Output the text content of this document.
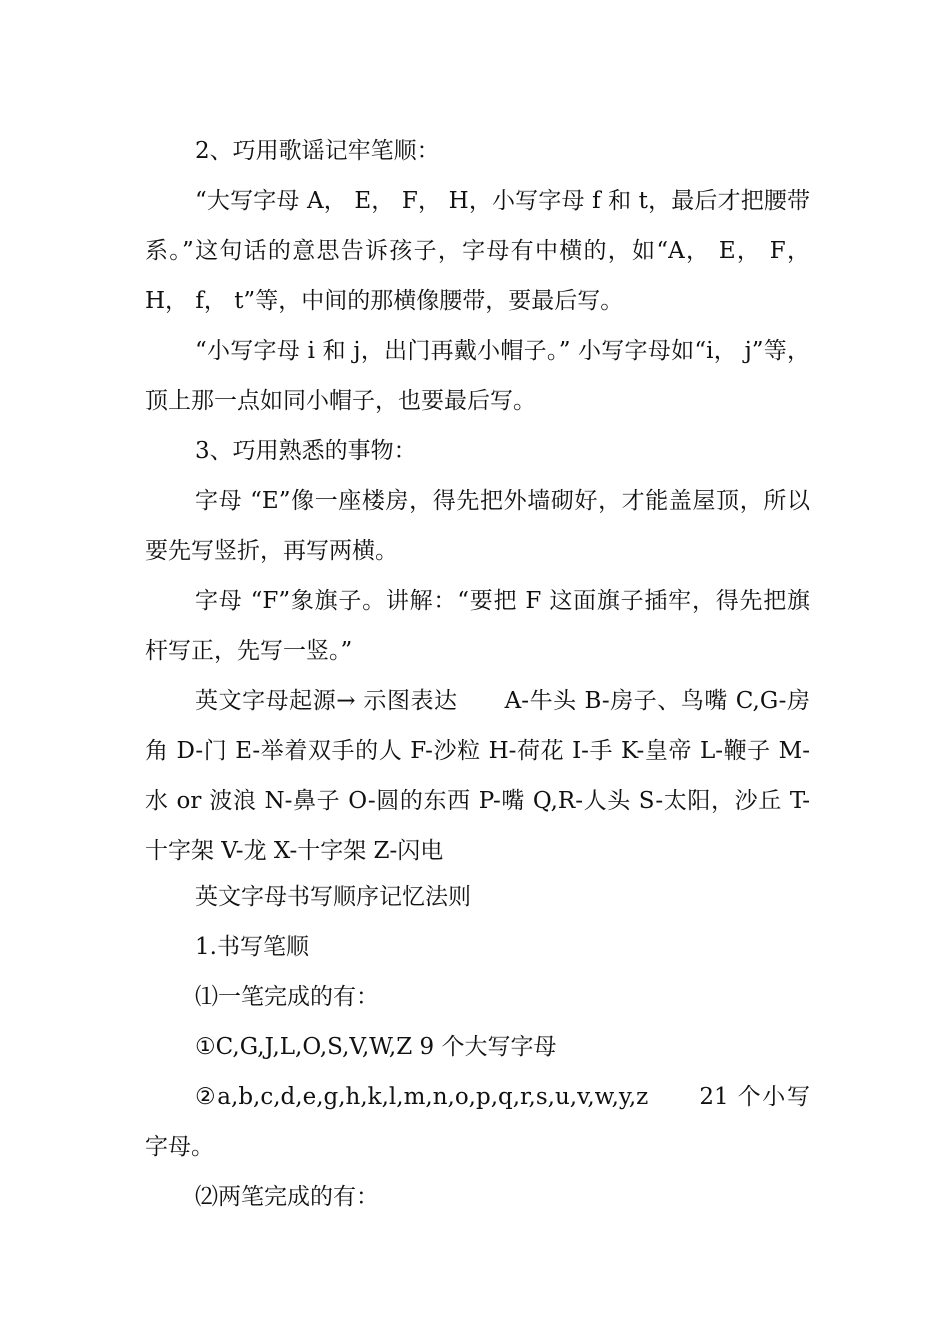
2、巧用歌谣记牢笔顺：

“大写字母 A， E， F， H，小写字母 f 和 t，最后才把腰带系。”这句话的意思告诉孩子，字母有中横的，如“A， E， F， H， f， t”等，中间的那横像腰带，要最后写。

“小写字母 i 和 j，出门再戴小帽子。” 小写字母如“i， j”等，顶上那一点如同小帽子，也要最后写。

3、巧用熟悉的事物：

字母 “E”像一座楼房，得先把外墙砌好，才能盖屋顶，所以要先写竖折，再写两横。

字母 “F”象旗子。讲解：“要把 F 这面旗子插牢，得先把旗杆写正，先写一竖。”

英文字母起源→ 示图表达　　A-牛头 B-房子、鸟嘴 C,G-房角 D-门 E-举着双手的人 F-沙粒 H-荷花 I-手 K-皇帝 L-鞭子 M-水 or 波浪 N-鼻子 O-圆的东西 P-嘴 Q,R-人头 S-太阳，沙丘 T-十字架 V-龙 X-十字架 Z-闪电

英文字母书写顺序记忆法则

1.书写笔顺

⑴一笔完成的有：

①C,G,J,L,O,S,V,W,Z 9 个大写字母

②a,b,c,d,e,g,h,k,l,m,n,o,p,q,r,s,u,v,w,y,z　　21 个小写字母。

⑵两笔完成的有：
